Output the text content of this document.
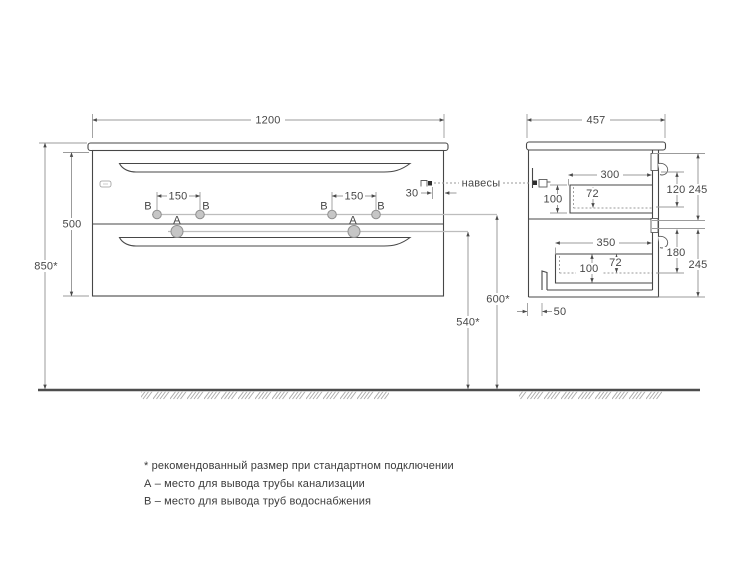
1200	457
500
850*
150	150	30
навесы
600*
540*
B	B	B	B
A	A
300
100 72	120 245
350
100 72
180
245
50
* рекомендованный размер при стандартном подключении
А – место для вывода трубы канализации
В – место для вывода труб водоснабжения
